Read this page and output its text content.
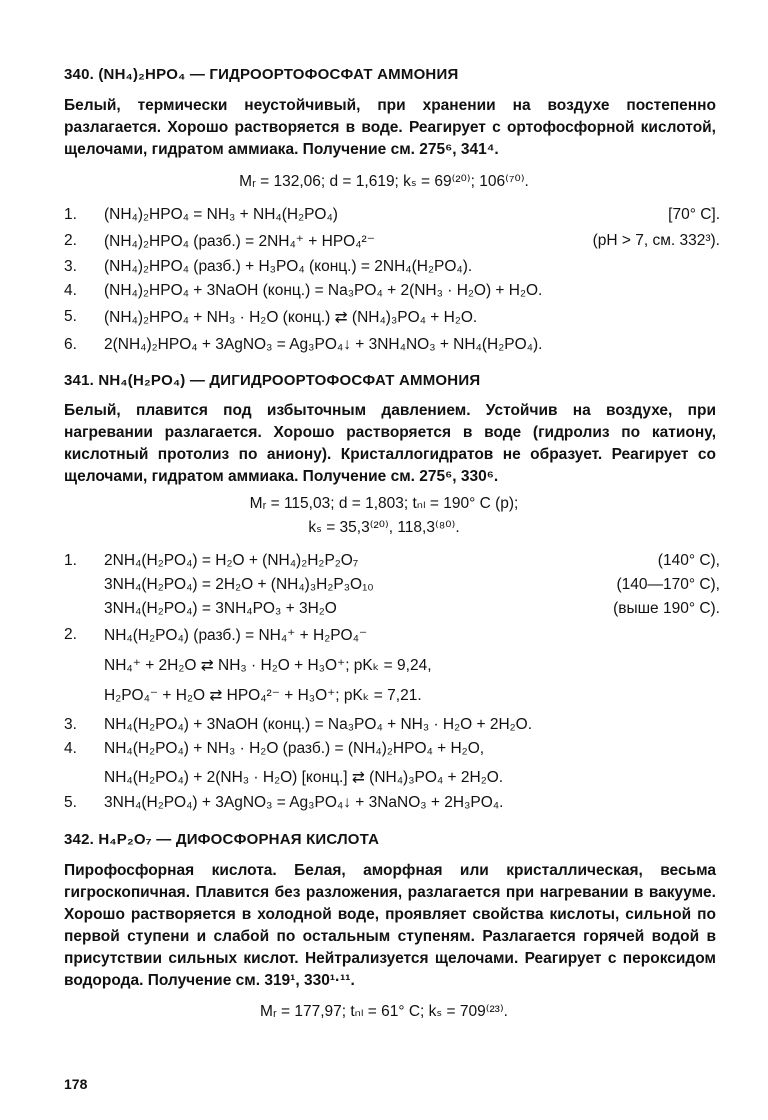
340. (NH₄)₂HPO₄ — ГИДРООРТОФОСФАТ АММОНИЯ
Белый, термически неустойчивый, при хранении на воздухе постепенно разлагается. Хорошо растворяется в воде. Реагирует с ортофосфорной кислотой, щелочами, гидратом аммиака. Получение см. 275⁶, 341⁴.
Mᵣ = 132,06; d = 1,619; kₛ = 69⁽²⁰⁾; 106⁽⁷⁰⁾.
1. (NH₄)₂HPO₄ = NH₃ + NH₄(H₂PO₄)	[70° C].
2. (NH₄)₂HPO₄ (разб.) = 2NH₄⁺ + HPO₄²⁻	(pH > 7, см. 332³).
3. (NH₄)₂HPO₄ (разб.) + H₃PO₄ (конц.) = 2NH₄(H₂PO₄).
4. (NH₄)₂HPO₄ + 3NaOH (конц.) = Na₃PO₄ + 2(NH₃ · H₂O) + H₂O.
5. (NH₄)₂HPO₄ + NH₃ · H₂O (конц.) ⇄ (NH₄)₃PO₄ + H₂O.
6. 2(NH₄)₂HPO₄ + 3AgNO₃ = Ag₃PO₄↓ + 3NH₄NO₃ + NH₄(H₂PO₄).
341. NH₄(H₂PO₄) — ДИГИДРООРТОФОСФАТ АММОНИЯ
Белый, плавится под избыточным давлением. Устойчив на воздухе, при нагревании разлагается. Хорошо растворяется в воде (гидролиз по катиону, кислотный протолиз по аниону). Кристаллогидратов не образует. Реагирует со щелочами, гидратом аммиака. Получение см. 275⁶, 330⁶.
Mᵣ = 115,03; d = 1,803; tₙₗ = 190° C (p);
kₛ = 35,3⁽²⁰⁾, 118,3⁽⁸⁰⁾.
1. 2NH₄(H₂PO₄) = H₂O + (NH₄)₂H₂P₂O₇	(140° C),
3NH₄(H₂PO₄) = 2H₂O + (NH₄)₃H₂P₃O₁₀	(140—170° C),
3NH₄(H₂PO₄) = 3NH₄PO₃ + 3H₂O	(выше 190° C).
2. NH₄(H₂PO₄) (разб.) = NH₄⁺ + H₂PO₄⁻
NH₄⁺ + 2H₂O ⇄ NH₃ · H₂O + H₃O⁺; pKₖ = 9,24,
H₂PO₄⁻ + H₂O ⇄ HPO₄²⁻ + H₃O⁺; pKₖ = 7,21.
3. NH₄(H₂PO₄) + 3NaOH (конц.) = Na₃PO₄ + NH₃ · H₂O + 2H₂O.
4. NH₄(H₂PO₄) + NH₃ · H₂O (разб.) = (NH₄)₂HPO₄ + H₂O,
NH₄(H₂PO₄) + 2(NH₃ · H₂O) [конц.] ⇄ (NH₄)₃PO₄ + 2H₂O.
5. 3NH₄(H₂PO₄) + 3AgNO₃ = Ag₃PO₄↓ + 3NaNO₃ + 2H₃PO₄.
342. H₄P₂O₇ — ДИФОСФОРНАЯ КИСЛОТА
Пирофосфорная кислота. Белая, аморфная или кристаллическая, весьма гигроскопичная. Плавится без разложения, разлагается при нагревании в вакууме. Хорошо растворяется в холодной воде, проявляет свойства кислоты, сильной по первой ступени и слабой по остальным ступеням. Разлагается горячей водой в присутствии сильных кислот. Нейтрализуется щелочами. Реагирует с пероксидом водорода. Получение см. 319¹, 330¹·¹¹.
Mᵣ = 177,97; tₙₗ = 61° C; kₛ = 709⁽²³⁾.
178
